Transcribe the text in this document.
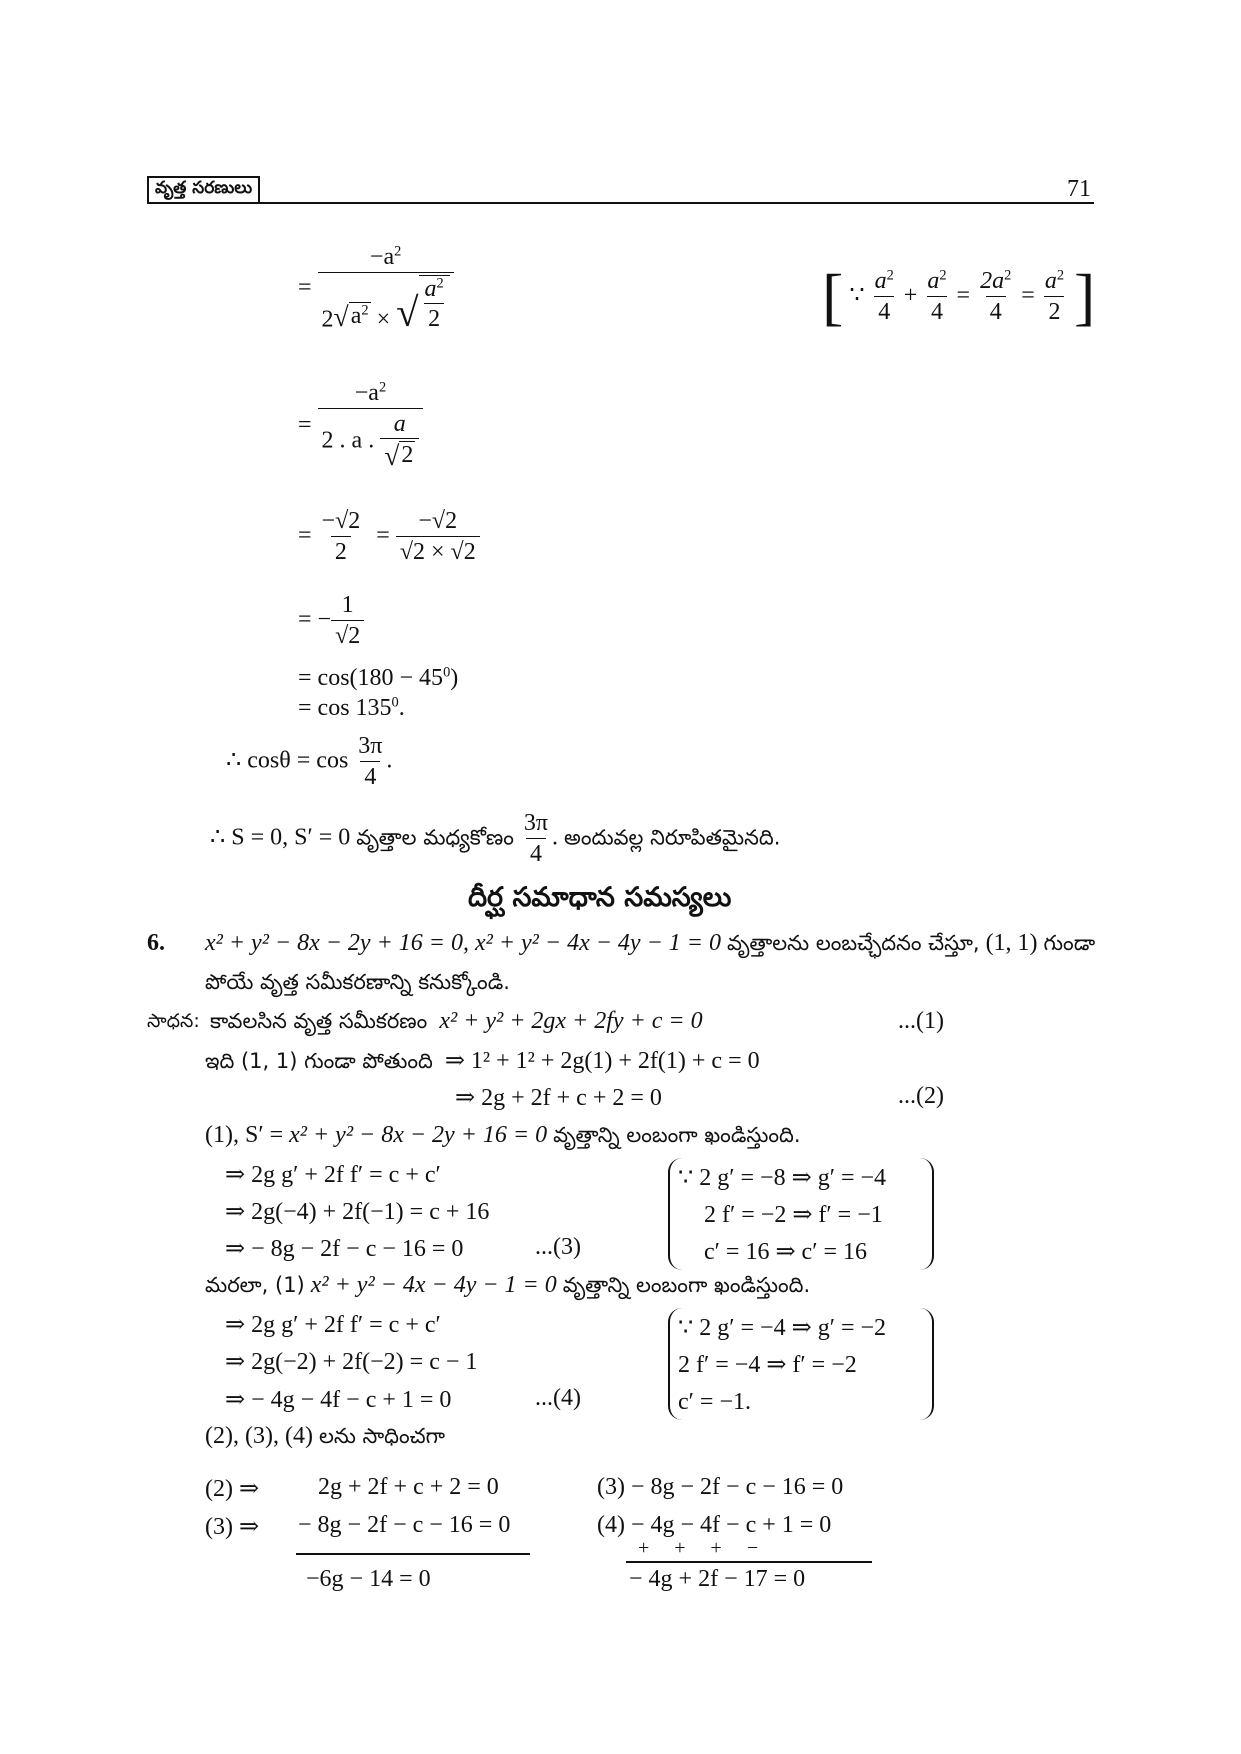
వృత్త సరణులు	71
= $\frac{-a^2}{2 √ a^2 \times √ \frac{a^2}{2}}$	[ ∵ $\frac{a^2}{4} + \frac{a^2}{4} = \frac{2a^2}{4} = \frac{a^2}{2}$ ]
= $\frac{-a^2}{2 . a . \frac{a}{√ 2}}$
= $\frac{-√2}{2} = \frac{-√2}{√2 \times √2}$
= − $\frac{1}{√2}$
= $\cos(180 - 45^0)$
= $\cos 135^0$.
∴ $\cos\theta = \cos \frac{3\pi}{4}$ .
∴ S = 0, S′ = 0 వృత్తాల మధ్యకోణం $\frac{3\pi}{4}$ . అందువల్ల నిరూపితమైనది.
దీర్ఘ సమాధాన సమస్యలు
6. x² + y² − 8x − 2y + 16 = 0, x² + y² − 4x − 4y − 1 = 0 వృత్తాలను లంబచ్ఛేదనం చేస్తూ, (1, 1) గుండా
పోయే వృత్త సమీకరణాన్ని కనుక్కోండి.
సాధన: కావలసిన వృత్త సమీకరణం x² + y² + 2gx + 2fy + c = 0	...(1)
ఇది (1, 1) గుండా పోతుంది ⇒ 1² + 1² + 2g(1) + 2f(1) + c = 0
⇒ 2g + 2f + c + 2 = 0	...(2)
(1), S′ = x² + y² − 8x − 2y + 16 = 0 వృత్తాన్ని లంబంగా ఖండిస్తుంది.
⇒ 2g g′ + 2f f′ = c + c′
⇒ 2g(−4) + 2f(−1) = c + 16
⇒ − 8g − 2f − c − 16 = 0	...(3)
∵ 2 g′ = −8 ⇒ g′ = −4
2 f′ = −2 ⇒ f′ = −1
c′ = 16 ⇒ c′ = 16
మరలా, (1) x² + y² − 4x − 4y − 1 = 0 వృత్తాన్ని లంబంగా ఖండిస్తుంది.
⇒ 2g g′ + 2f f′ = c + c′
⇒ 2g(−2) + 2f(−2) = c − 1
⇒ − 4g − 4f − c + 1 = 0	...(4)
∵ 2 g′ = −4 ⇒ g′ = −2
2 f′ = −4 ⇒ f′ = −2
c′ = −1.
(2), (3), (4) లను సాధించగా
(2) ⇒ 2g + 2f + c + 2 = 0
(3) ⇒ − 8g − 2f − c − 16 = 0
−6g − 14 = 0
(3) − 8g − 2f − c − 16 = 0
(4) − 4g − 4f − c + 1 = 0
+     +     +     −
− 4g + 2f − 17 = 0
